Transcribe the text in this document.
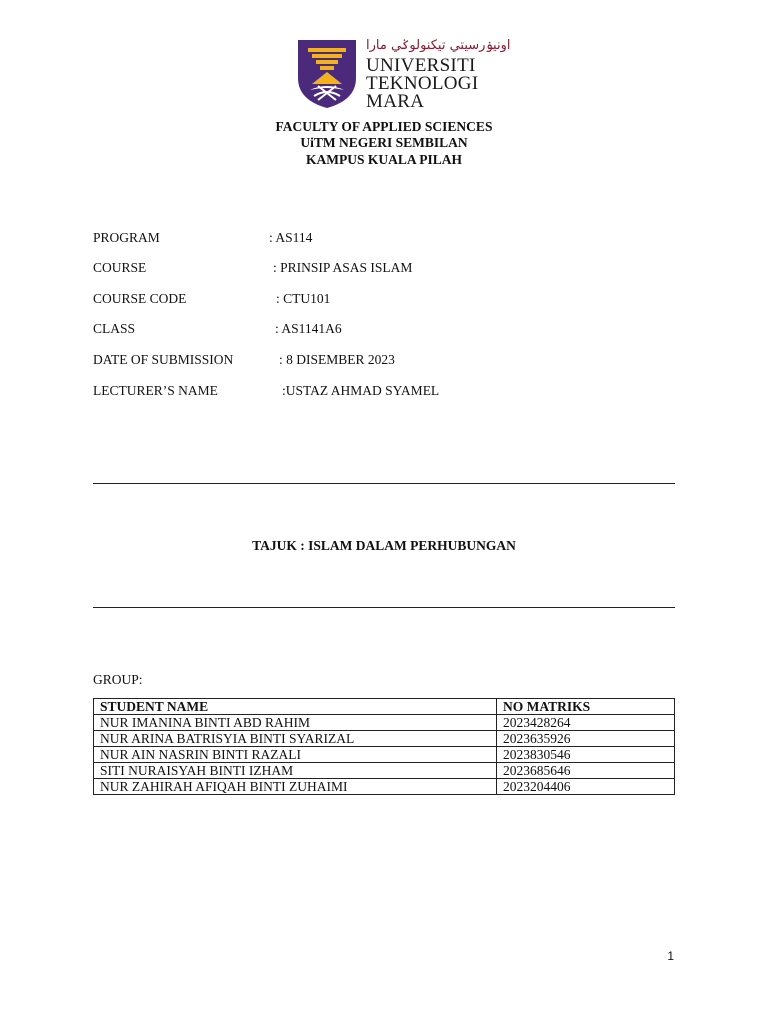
اونيۏرسيتي تيکنولوݢي مارا
UNIVERSITI
TEKNOLOGI
MARA
FACULTY OF APPLIED SCIENCES
UiTM NEGERI SEMBILAN
KAMPUS KUALA PILAH
PROGRAM	: AS114
COURSE	: PRINSIP ASAS ISLAM
COURSE CODE	: CTU101
CLASS	: AS1141A6
DATE OF SUBMISSION	: 8 DISEMBER 2023
LECTURER’S NAME	:USTAZ AHMAD SYAMEL
TAJUK : ISLAM DALAM PERHUBUNGAN
GROUP:
STUDENT NAME	NO MATRIKS
NUR IMANINA BINTI ABD RAHIM	2023428264
NUR ARINA BATRISYIA BINTI SYARIZAL	2023635926
NUR AIN NASRIN BINTI RAZALI	2023830546
SITI NURAISYAH BINTI IZHAM	2023685646
NUR ZAHIRAH AFIQAH BINTI ZUHAIMI	2023204406
1
